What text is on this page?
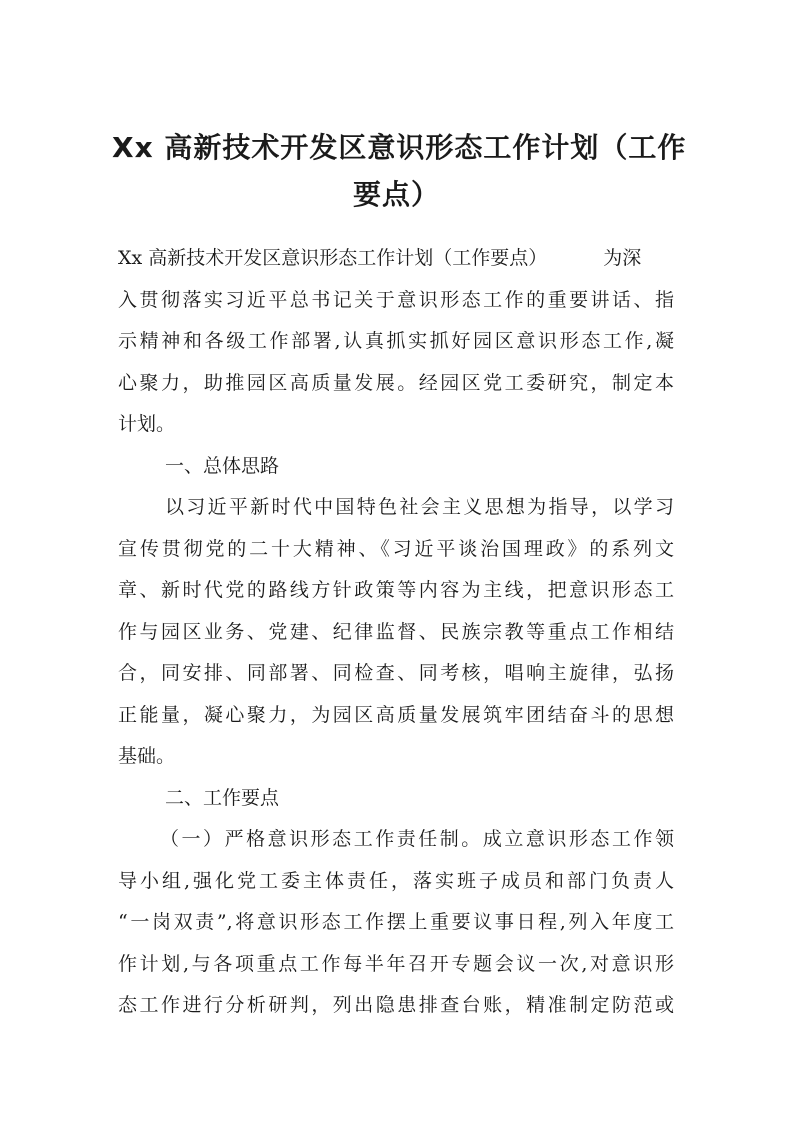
Xx 高新技术开发区意识形态工作计划（工作
要点）
Xx 高新技术开发区意识形态工作计划（工作要点）	为深
入贯彻落实习近平总书记关于意识形态工作的重要讲话、指
示精神和各级工作部署,认真抓实抓好园区意识形态工作,凝
心聚力，助推园区高质量发展。经园区党工委研究，制定本
计划。
一、总体思路
以习近平新时代中国特色社会主义思想为指导，以学习
宣传贯彻党的二十大精神、《习近平谈治国理政》的系列文
章、新时代党的路线方针政策等内容为主线，把意识形态工
作与园区业务、党建、纪律监督、民族宗教等重点工作相结
合，同安排、同部署、同检查、同考核，唱响主旋律，弘扬
正能量，凝心聚力，为园区高质量发展筑牢团结奋斗的思想
基础。
二、工作要点
（一）严格意识形态工作责任制。成立意识形态工作领
导小组,强化党工委主体责任，落实班子成员和部门负责人
“一岗双责”,将意识形态工作摆上重要议事日程,列入年度工
作计划,与各项重点工作每半年召开专题会议一次,对意识形
态工作进行分析研判，列出隐患排查台账，精准制定防范或
